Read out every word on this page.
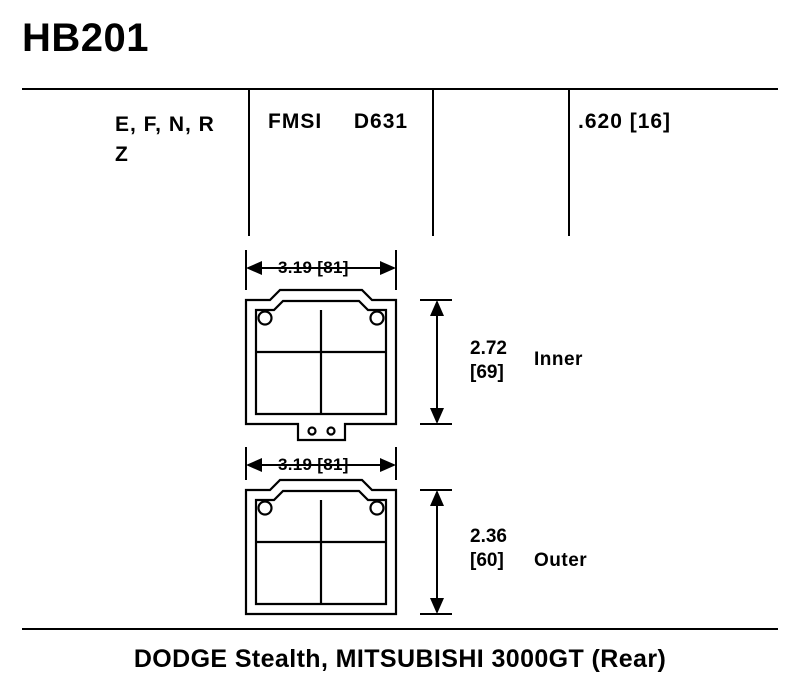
HB201
E, F, N, R
Z
FMSI D631	.620 [16]
3.19 [81]
2.72
[69]
Inner
3.19 [81]
2.36
[60] Outer
DODGE Stealth, MITSUBISHI 3000GT (Rear)
